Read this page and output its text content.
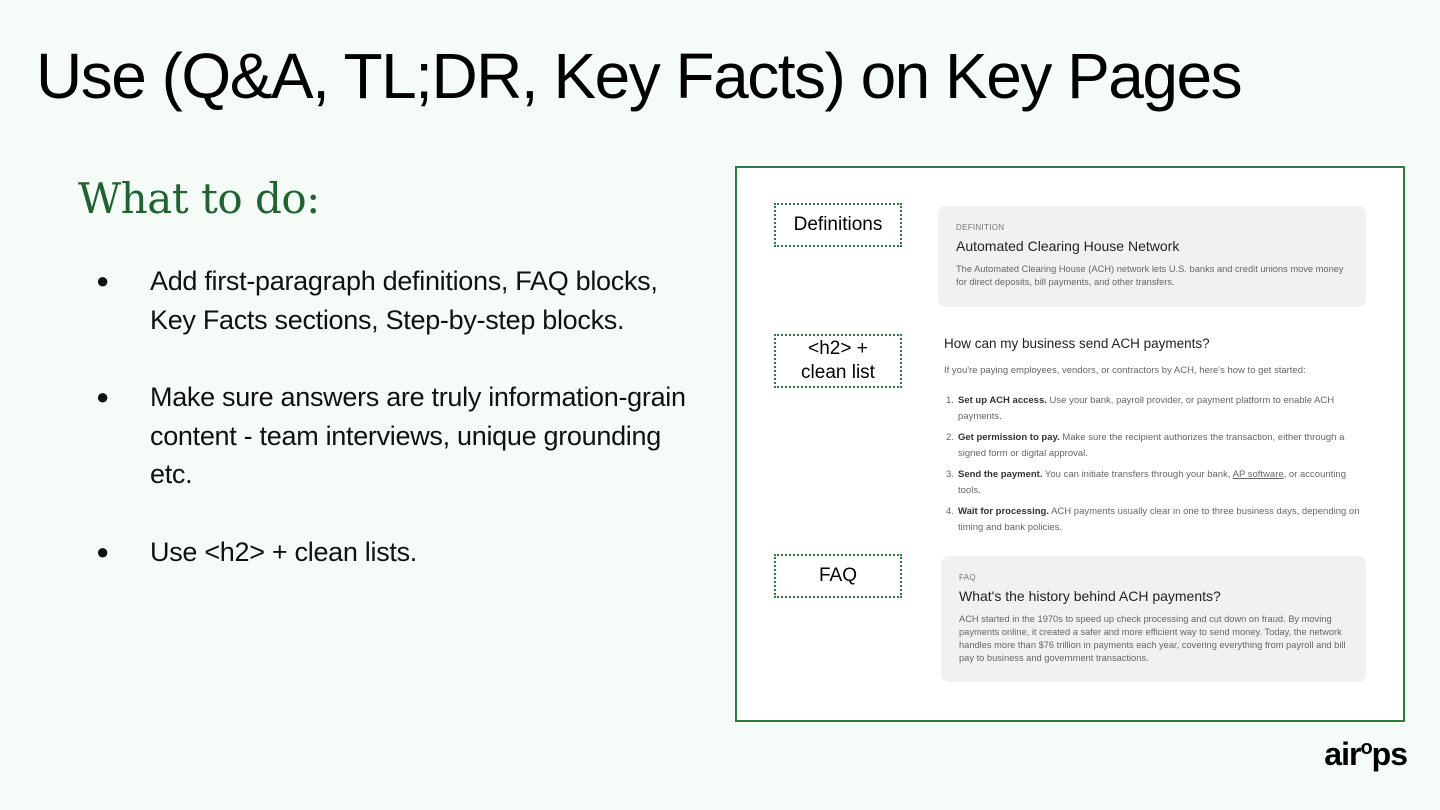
Use (Q&A, TL;DR, Key Facts) on Key Pages
What to do:
● Add first-paragraph definitions, FAQ blocks, Key Facts sections, Step-by-step blocks.
● Make sure answers are truly information-grain content - team interviews, unique grounding etc.
● Use <h2> + clean lists.
Definitions
<h2> +
clean list
FAQ
DEFINITION
Automated Clearing House Network
The Automated Clearing House (ACH) network lets U.S. banks and credit unions move money for direct deposits, bill payments, and other transfers.
How can my business send ACH payments?
If you're paying employees, vendors, or contractors by ACH, here's how to get started:
1. Set up ACH access. Use your bank, payroll provider, or payment platform to enable ACH payments.
2. Get permission to pay. Make sure the recipient authorizes the transaction, either through a signed form or digital approval.
3. Send the payment. You can initiate transfers through your bank, AP software, or accounting tools.
4. Wait for processing. ACH payments usually clear in one to three business days, depending on timing and bank policies.
FAQ
What's the history behind ACH payments?
ACH started in the 1970s to speed up check processing and cut down on fraud. By moving payments online, it created a safer and more efficient way to send money. Today, the network handles more than $76 trillion in payments each year, covering everything from payroll and bill pay to business and government transactions.
air$^o$ps
